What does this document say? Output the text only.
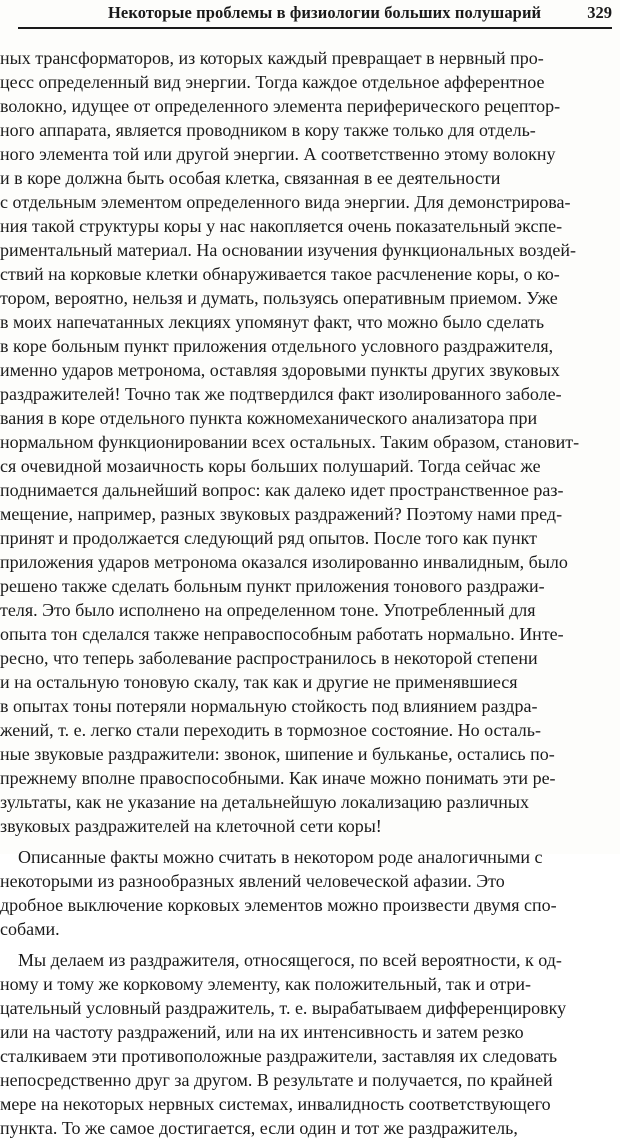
Некоторые проблемы в физиологии больших полушарий	329
ных трансформаторов, из которых каждый превращает в нервный про-
цесс определенный вид энергии. Тогда каждое отдельное афферентное
волокно, идущее от определенного элемента периферического рецептор-
ного аппарата, является проводником в кору также только для отдель-
ного элемента той или другой энергии. А соответственно этому волокну
и в коре должна быть особая клетка, связанная в ее деятельности
с отдельным элементом определенного вида энергии. Для демонстрирова-
ния такой структуры коры у нас накопляется очень показательный экспе-
риментальный материал. На основании изучения функциональных воздей-
ствий на корковые клетки обнаруживается такое расчленение коры, о ко-
тором, вероятно, нельзя и думать, пользуясь оперативным приемом. Уже
в моих напечатанных лекциях упомянут факт, что можно было сделать
в коре больным пункт приложения отдельного условного раздражителя,
именно ударов метронома, оставляя здоровыми пункты других звуковых
раздражителей! Точно так же подтвердился факт изолированного заболе-
вания в коре отдельного пункта кожномеханического анализатора при
нормальном функционировании всех остальных. Таким образом, становит-
ся очевидной мозаичность коры больших полушарий. Тогда сейчас же
поднимается дальнейший вопрос: как далеко идет пространственное раз-
мещение, например, разных звуковых раздражений? Поэтому нами пред-
принят и продолжается следующий ряд опытов. После того как пункт
приложения ударов метронома оказался изолированно инвалидным, было
решено также сделать больным пункт приложения тонового раздражи-
теля. Это было исполнено на определенном тоне. Употребленный для
опыта тон сделался также неправоспособным работать нормально. Инте-
ресно, что теперь заболевание распространилось в некоторой степени
и на остальную тоновую скалу, так как и другие не применявшиеся
в опытах тоны потеряли нормальную стойкость под влиянием раздра-
жений, т. е. легко стали переходить в тормозное состояние. Но осталь-
ные звуковые раздражители: звонок, шипение и бульканье, остались по-
прежнему вполне правоспособными. Как иначе можно понимать эти ре-
зультаты, как не указание на детальнейшую локализацию различных
звуковых раздражителей на клеточной сети коры!
Описанные факты можно считать в некотором роде аналогичными с
некоторыми из разнообразных явлений человеческой афазии. Это
дробное выключение корковых элементов можно произвести двумя спо-
собами.
Мы делаем из раздражителя, относящегося, по всей вероятности, к од-
ному и тому же корковому элементу, как положительный, так и отри-
цательный условный раздражитель, т. е. вырабатываем дифференцировку
или на частоту раздражений, или на их интенсивность и затем резко
сталкиваем эти противоположные раздражители, заставляя их следовать
непосредственно друг за другом. В результате и получается, по крайней
мере на некоторых нервных системах, инвалидность соответствующего
пункта. То же самое достигается, если один и тот же раздражитель,
